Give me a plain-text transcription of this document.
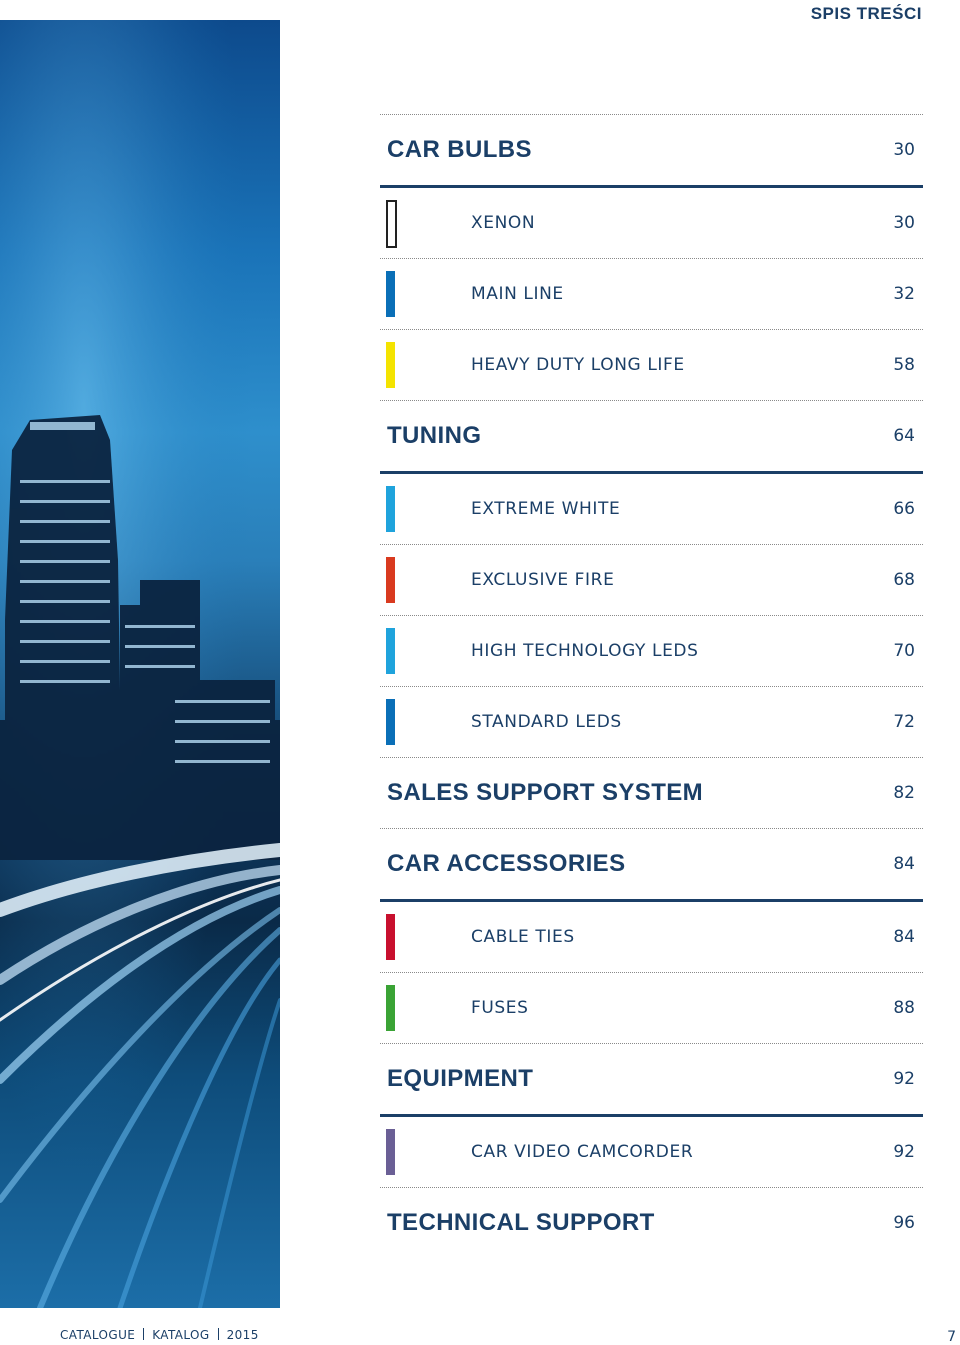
SPIS TREŚCI
CAR BULBS	30
XENON	30
MAIN LINE	32
HEAVY DUTY LONG LIFE	58
TUNING	64
EXTREME WHITE	66
EXCLUSIVE FIRE	68
HIGH TECHNOLOGY LEDS	70
STANDARD LEDS	72
SALES SUPPORT SYSTEM	82
CAR ACCESSORIES	84
CABLE TIES	84
FUSES	88
EQUIPMENT	92
CAR VIDEO CAMCORDER	92
TECHNICAL SUPPORT	96
CATALOGUE KATALOG 2015	7
